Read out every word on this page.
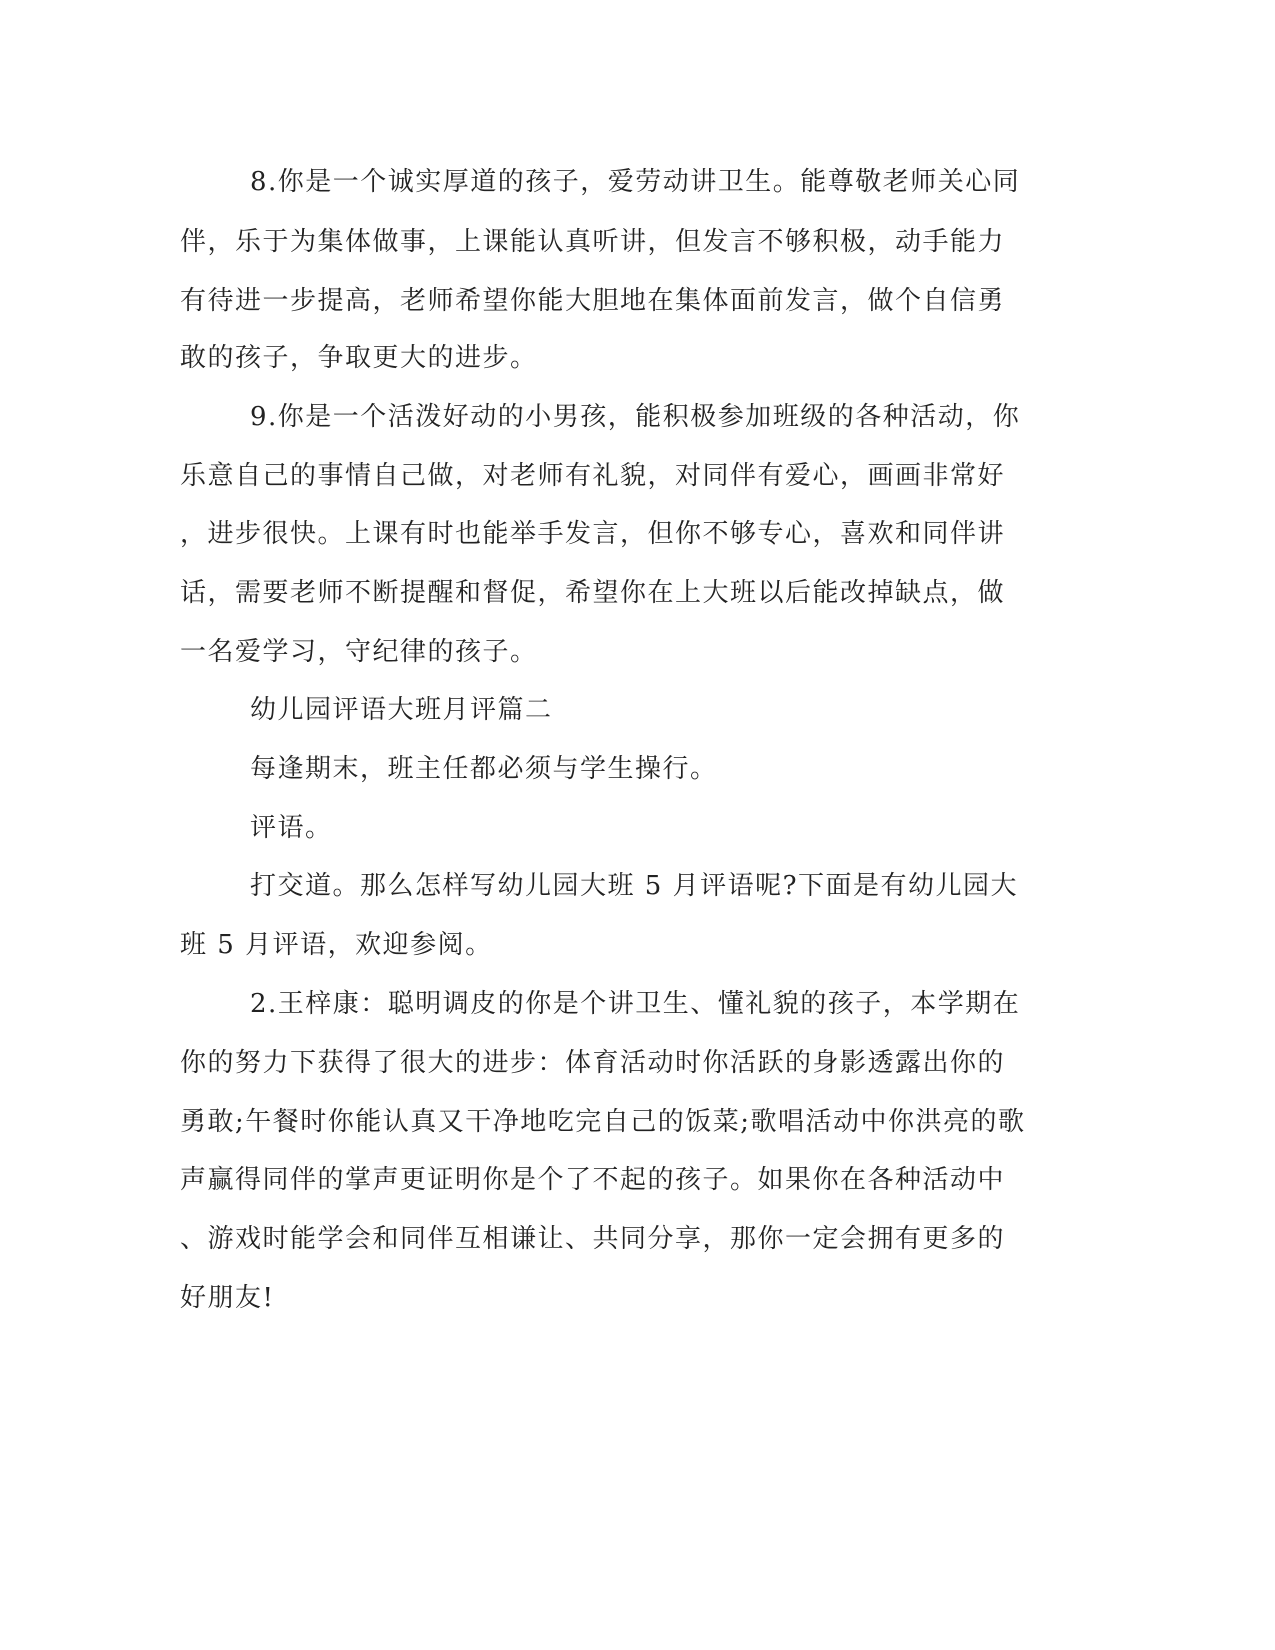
8.你是一个诚实厚道的孩子，爱劳动讲卫生。能尊敬老师关心同
伴，乐于为集体做事，上课能认真听讲，但发言不够积极，动手能力
有待进一步提高，老师希望你能大胆地在集体面前发言，做个自信勇
敢的孩子，争取更大的进步。
9.你是一个活泼好动的小男孩，能积极参加班级的各种活动，你
乐意自己的事情自己做，对老师有礼貌，对同伴有爱心，画画非常好
，进步很快。上课有时也能举手发言，但你不够专心，喜欢和同伴讲
话，需要老师不断提醒和督促，希望你在上大班以后能改掉缺点，做
一名爱学习，守纪律的孩子。
幼儿园评语大班月评篇二
每逢期末，班主任都必须与学生操行。
评语。
打交道。那么怎样写幼儿园大班 5 月评语呢?下面是有幼儿园大
班 5 月评语，欢迎参阅。
2.王梓康：聪明调皮的你是个讲卫生、懂礼貌的孩子，本学期在
你的努力下获得了很大的进步：体育活动时你活跃的身影透露出你的
勇敢;午餐时你能认真又干净地吃完自己的饭菜;歌唱活动中你洪亮的歌
声赢得同伴的掌声更证明你是个了不起的孩子。如果你在各种活动中
、游戏时能学会和同伴互相谦让、共同分享，那你一定会拥有更多的
好朋友!
